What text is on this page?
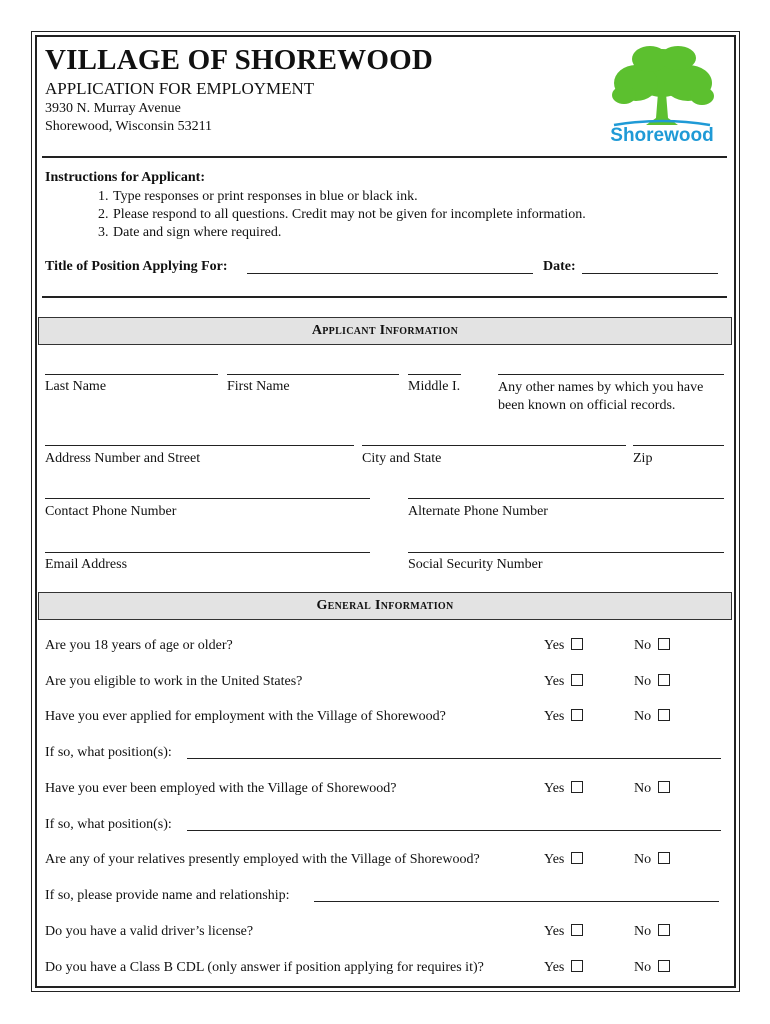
VILLAGE OF SHOREWOOD
APPLICATION FOR EMPLOYMENT
3930 N. Murray Avenue
Shorewood, Wisconsin 53211	Shorewood
Instructions for Applicant:
1. Type responses or print responses in blue or black ink.
2. Please respond to all questions. Credit may not be given for incomplete information.
3. Date and sign where required.
Title of Position Applying For:	Date:
Applicant Information
Last Name	First Name	Middle I.	Any other names by which you have been known on official records.
Address Number and Street	City and State	Zip
Contact Phone Number	Alternate Phone Number
Email Address	Social Security Number
General Information
Are you 18 years of age or older?	Yes	No
Are you eligible to work in the United States?	Yes	No
Have you ever applied for employment with the Village of Shorewood?	Yes	No
If so, what position(s):
Have you ever been employed with the Village of Shorewood?	Yes	No
If so, what position(s):
Are any of your relatives presently employed with the Village of Shorewood?	Yes	No
If so, please provide name and relationship:
Do you have a valid driver’s license?	Yes	No
Do you have a Class B CDL (only answer if position applying for requires it)?	Yes	No
